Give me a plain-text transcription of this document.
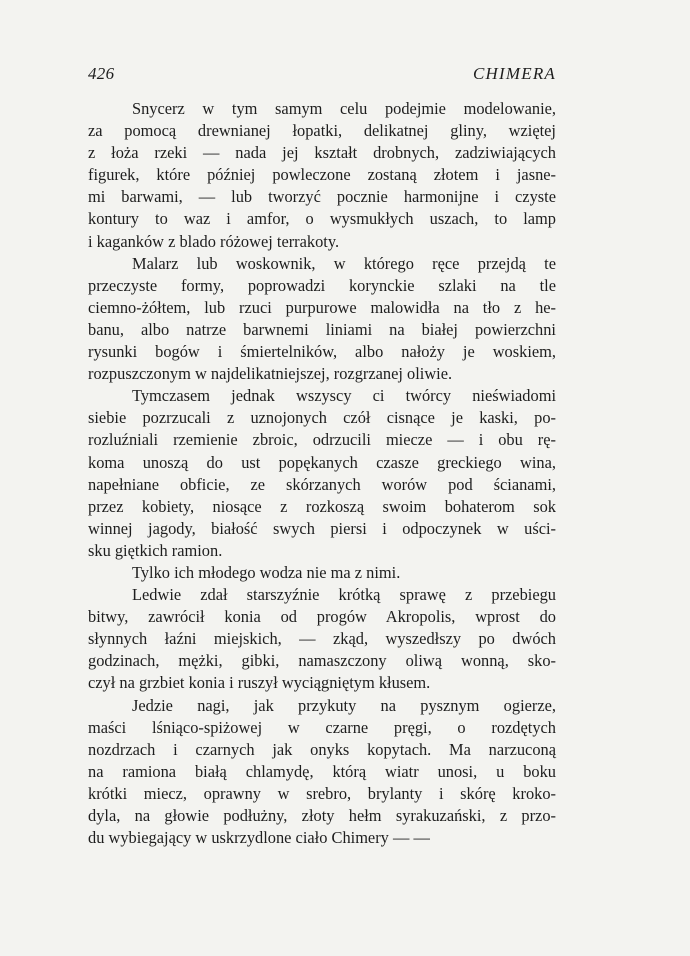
426	CHIMERA
Snycerz w tym samym celu podejmie modelowanie,
za pomocą drewnianej łopatki, delikatnej gliny, wziętej
z łoża rzeki — nada jej kształt drobnych, zadziwiających
figurek, które później powleczone zostaną złotem i jasne-
mi barwami, — lub tworzyć pocznie harmonijne i czyste
kontury to waz i amfor, o wysmukłych uszach, to lamp
i kaganków z blado różowej terrakoty.
Malarz lub woskownik, w którego ręce przejdą te
przeczyste formy, poprowadzi korynckie szlaki na tle
ciemno-żółtem, lub rzuci purpurowe malowidła na tło z he-
banu, albo natrze barwnemi liniami na białej powierzchni
rysunki bogów i śmiertelników, albo nałoży je woskiem,
rozpuszczonym w najdelikatniejszej, rozgrzanej oliwie.
Tymczasem jednak wszyscy ci twórcy nieświadomi
siebie pozrzucali z uznojonych czół cisnące je kaski, po-
rozluźniali rzemienie zbroic, odrzucili miecze — i obu rę-
koma unoszą do ust popękanych czasze greckiego wina,
napełniane obficie, ze skórzanych worów pod ścianami,
przez kobiety, niosące z rozkoszą swoim bohaterom sok
winnej jagody, białość swych piersi i odpoczynek w uści-
sku giętkich ramion.
Tylko ich młodego wodza nie ma z nimi.
Ledwie zdał starszyźnie krótką sprawę z przebiegu
bitwy, zawrócił konia od progów Akropolis, wprost do
słynnych łaźni miejskich, — zkąd, wyszedłszy po dwóch
godzinach, mężki, gibki, namaszczony oliwą wonną, sko-
czył na grzbiet konia i ruszył wyciągniętym kłusem.
Jedzie nagi, jak przykuty na pysznym ogierze,
maści lśniąco-spiżowej w czarne pręgi, o rozdętych
nozdrzach i czarnych jak onyks kopytach. Ma narzuconą
na ramiona białą chlamydę, którą wiatr unosi, u boku
krótki miecz, oprawny w srebro, brylanty i skórę kroko-
dyla, na głowie podłużny, złoty hełm syrakuzański, z przo-
du wybiegający w uskrzydlone ciało Chimery — —
